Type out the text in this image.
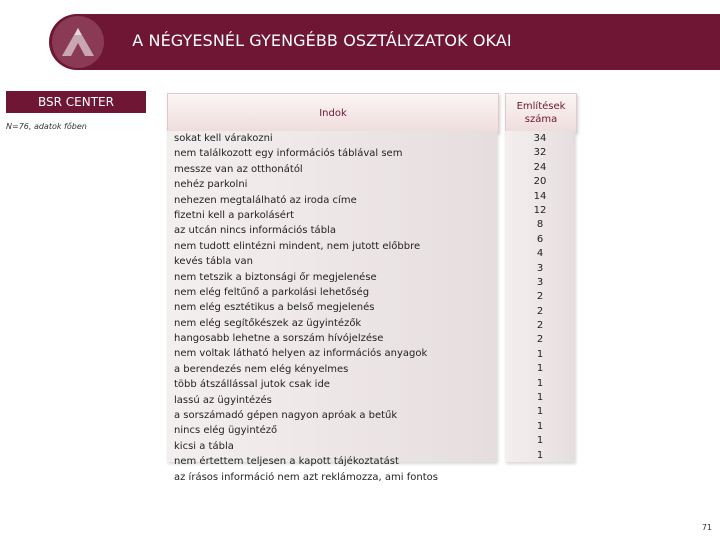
A NÉGYESNÉL GYENGÉBB OSZTÁLYZATOK OKAI
BSR CENTER
N=76, adatok főben
Indok
Említések
száma
sokat kell várakozni
nem találkozott egy információs táblával sem
messze van az otthonától
nehéz parkolni
nehezen megtalálható az iroda címe
fizetni kell a parkolásért
az utcán nincs információs tábla
nem tudott elintézni mindent, nem jutott előbbre
kevés tábla van
nem tetszik a biztonsági őr megjelenése
nem elég feltűnő a parkolási lehetőség
nem elég esztétikus a belső megjelenés
nem elég segítőkészek az ügyintézők
hangosabb lehetne a sorszám hívójelzése
nem voltak látható helyen az információs anyagok
a berendezés nem elég kényelmes
több átszállással jutok csak ide
lassú az ügyintézés
a sorszámadó gépen nagyon apróak a betűk
nincs elég ügyintéző
kicsi a tábla
nem értettem teljesen a kapott tájékoztatást
az írásos információ nem azt reklámozza, ami fontos
34
32
24
20
14
12
8
6
4
3
3
2
2
2
2
1
1
1
1
1
1
1
1
71
